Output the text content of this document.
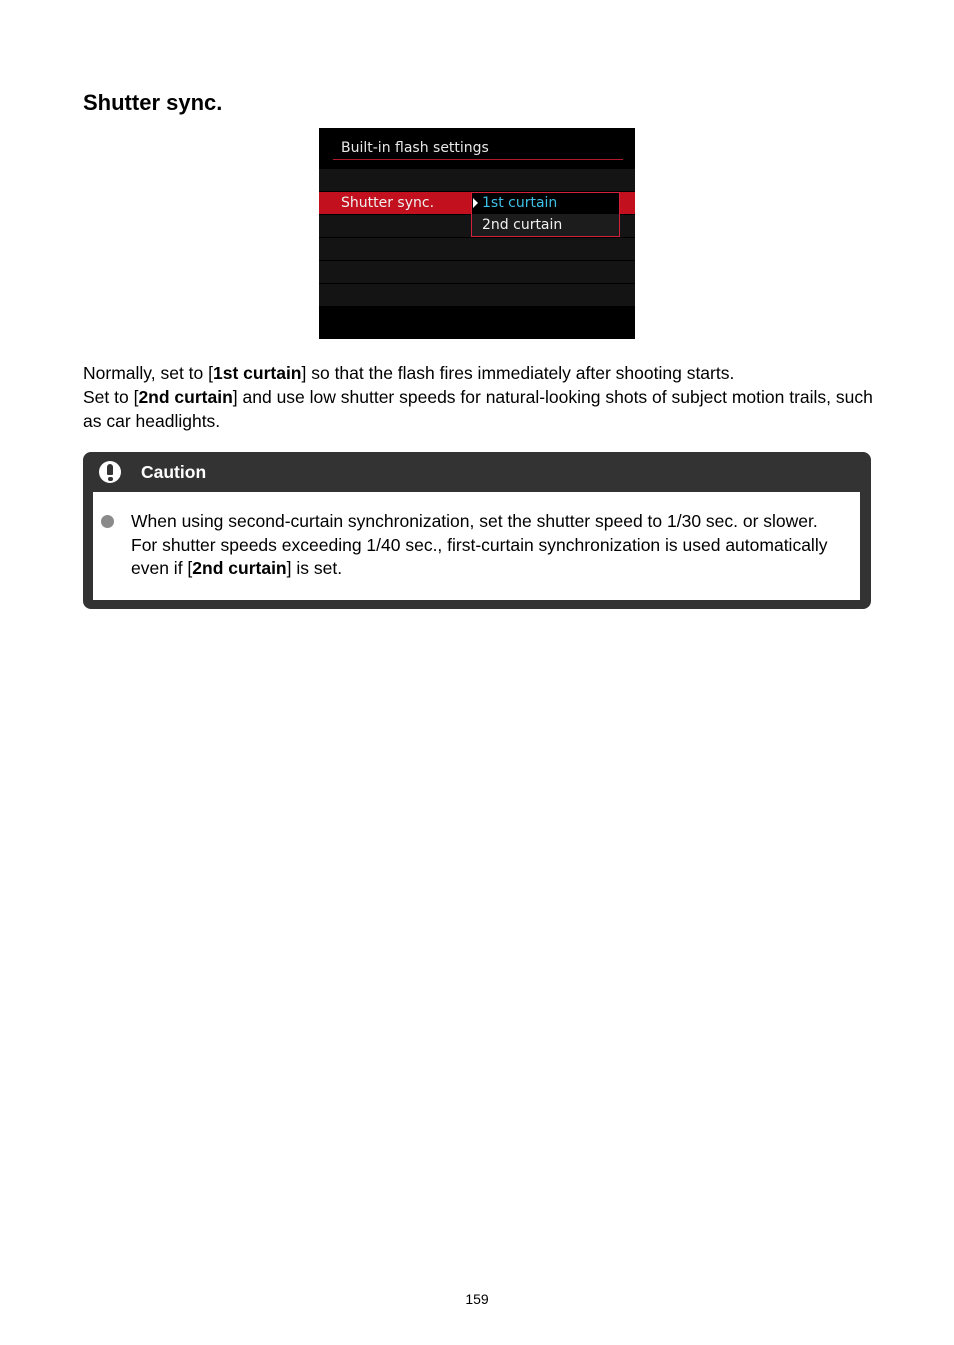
Shutter sync.
Built-in flash settings
Shutter sync.	1st curtain
2nd curtain

Normally, set to [1st curtain] so that the flash fires immediately after shooting starts.

Set to [2nd curtain] and use low shutter speeds for natural-looking shots of subject motion trails, such as car headlights.

Caution

When using second-curtain synchronization, set the shutter speed to 1/30 sec. or slower. For shutter speeds exceeding 1/40 sec., first-curtain synchronization is used automatically even if [2nd curtain] is set.

159
